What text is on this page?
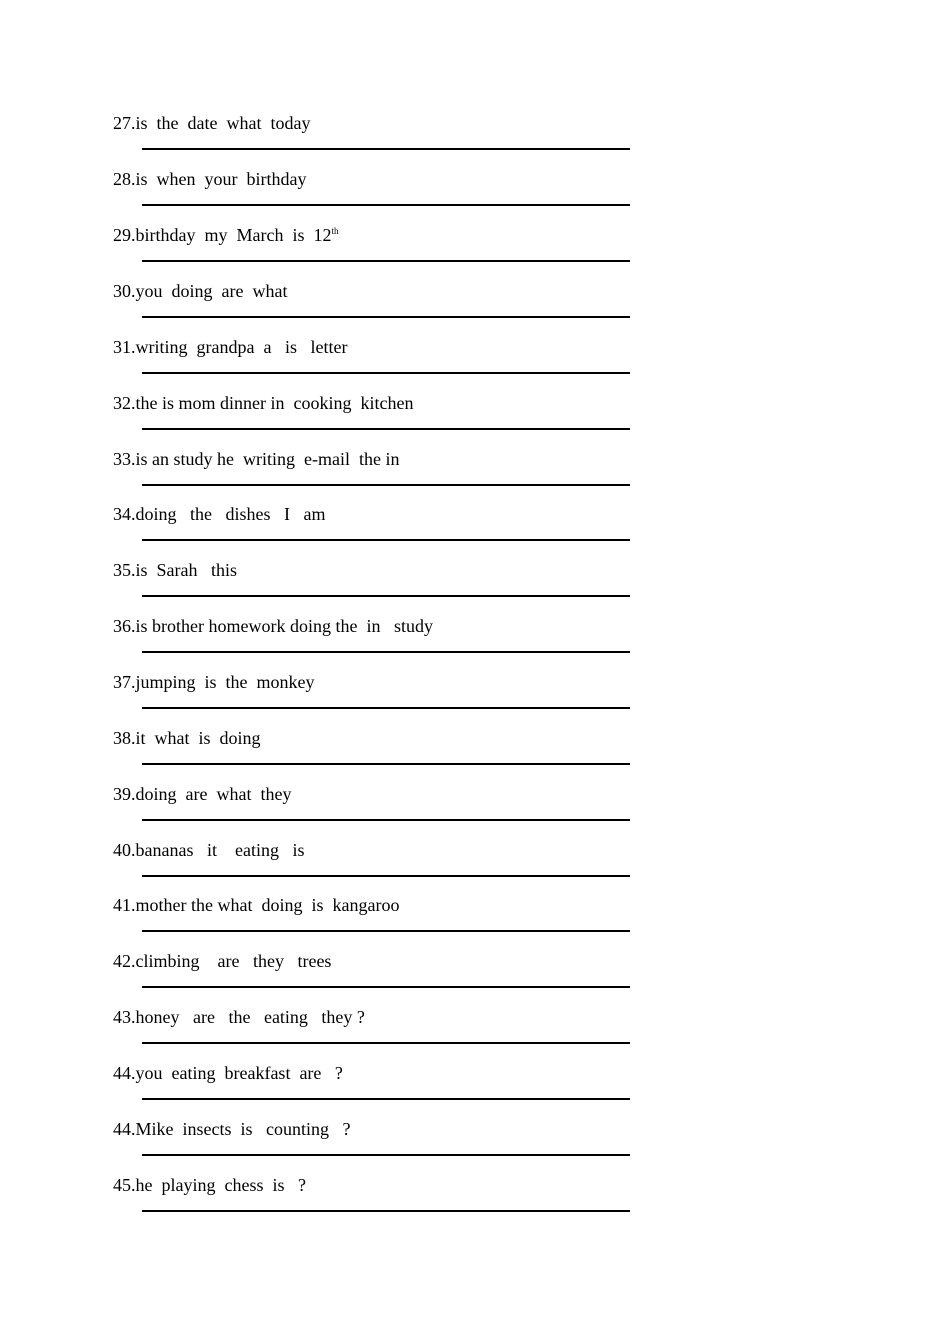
27.is  the  date  what  today
28.is  when  your  birthday
29.birthday  my  March  is  12th
30.you  doing  are  what
31.writing  grandpa  a   is   letter
32.the is mom dinner in  cooking  kitchen
33.is an study he  writing  e-mail  the in
34.doing   the   dishes   I   am
35.is  Sarah   this
36.is brother homework doing the  in   study
37.jumping  is  the  monkey
38.it  what  is  doing
39.doing  are  what  they
40.bananas   it    eating   is
41.mother the what  doing  is  kangaroo
42.climbing    are   they   trees
43.honey   are   the   eating   they ?
44.you  eating  breakfast  are   ?
44.Mike  insects  is   counting   ?
45.he  playing  chess  is   ?
